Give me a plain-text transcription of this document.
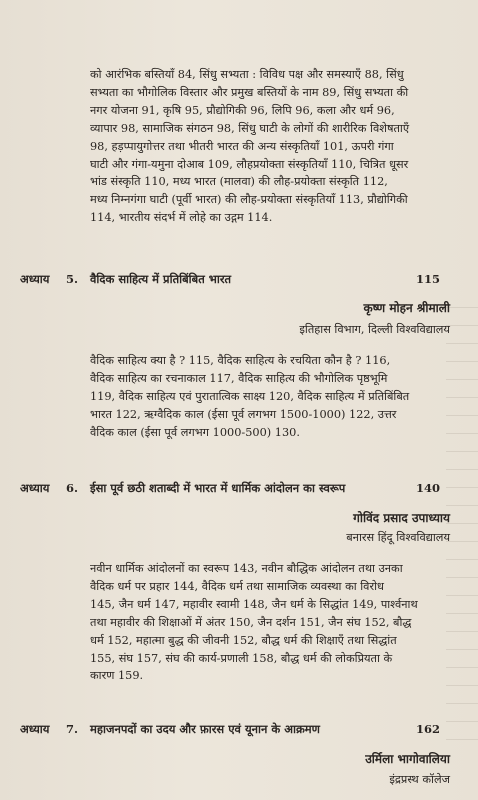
को आरंभिक बस्तियाँ 84, सिंधु सभ्यता : विविध पक्ष और समस्याएँ 88, सिंधु

सभ्यता का भौगोलिक विस्तार और प्रमुख बस्तियों के नाम 89, सिंधु सभ्यता की

नगर योजना 91, कृषि 95, प्रौद्योगिकी 96, लिपि 96, कला और धर्म 96,

व्यापार 98, सामाजिक संगठन 98, सिंधु घाटी के लोगों की शारीरिक विशेषताएँ

98, हड़प्पायुगोत्तर तथा भीतरी भारत की अन्य संस्कृतियाँ 101, ऊपरी गंगा

घाटी और गंगा-यमुना दोआब 109, लौहप्रयोक्ता संस्कृतियाँ 110, चित्रित धूसर

भांड संस्कृति 110, मध्य भारत (मालवा) की लौह-प्रयोक्ता संस्कृति 112,

मध्य निम्नगंगा घाटी (पूर्वी भारत) की लौह-प्रयोक्ता संस्कृतियाँ 113, प्रौद्योगिकी

114, भारतीय संदर्भ में लोहे का उद्गम 114.

अध्याय 5. वैदिक साहित्य में प्रतिबिंबित भारत	115
कृष्ण मोहन श्रीमाली
इतिहास विभाग, दिल्ली विश्वविद्यालय

वैदिक साहित्य क्या है ? 115, वैदिक साहित्य के रचयिता कौन है ? 116,

वैदिक साहित्य का रचनाकाल 117, वैदिक साहित्य की भौगोलिक पृष्ठभूमि

119, वैदिक साहित्य एवं पुरातात्विक साक्ष्य 120, वैदिक साहित्य में प्रतिबिंबित

भारत 122, ऋग्वैदिक काल (ईसा पूर्व लगभग 1500-1000) 122, उत्तर

वैदिक काल (ईसा पूर्व लगभग 1000-500) 130.

अध्याय 6. ईसा पूर्व छठी शताब्दी में भारत में धार्मिक आंदोलन का स्वरूप	140
गोविंद प्रसाद उपाध्याय
बनारस हिंदू विश्वविद्यालय

नवीन धार्मिक आंदोलनों का स्वरूप 143, नवीन बौद्धिक आंदोलन तथा उनका

वैदिक धर्म पर प्रहार 144, वैदिक धर्म तथा सामाजिक व्यवस्था का विरोध

145, जैन धर्म 147, महावीर स्वामी 148, जैन धर्म के सिद्धांत 149, पार्श्वनाथ

तथा महावीर की शिक्षाओं में अंतर 150, जैन दर्शन 151, जैन संघ 152, बौद्ध

धर्म 152, महात्मा बुद्ध की जीवनी 152, बौद्ध धर्म की शिक्षाएँ तथा सिद्धांत

155, संघ 157, संघ की कार्य-प्रणाली 158, बौद्ध धर्म की लोकप्रियता के

कारण 159.

अध्याय 7. महाजनपदों का उदय और फ़ारस एवं यूनान के आक्रमण	162
उर्मिला भागोवालिया
इंद्रप्रस्थ कॉलेज
